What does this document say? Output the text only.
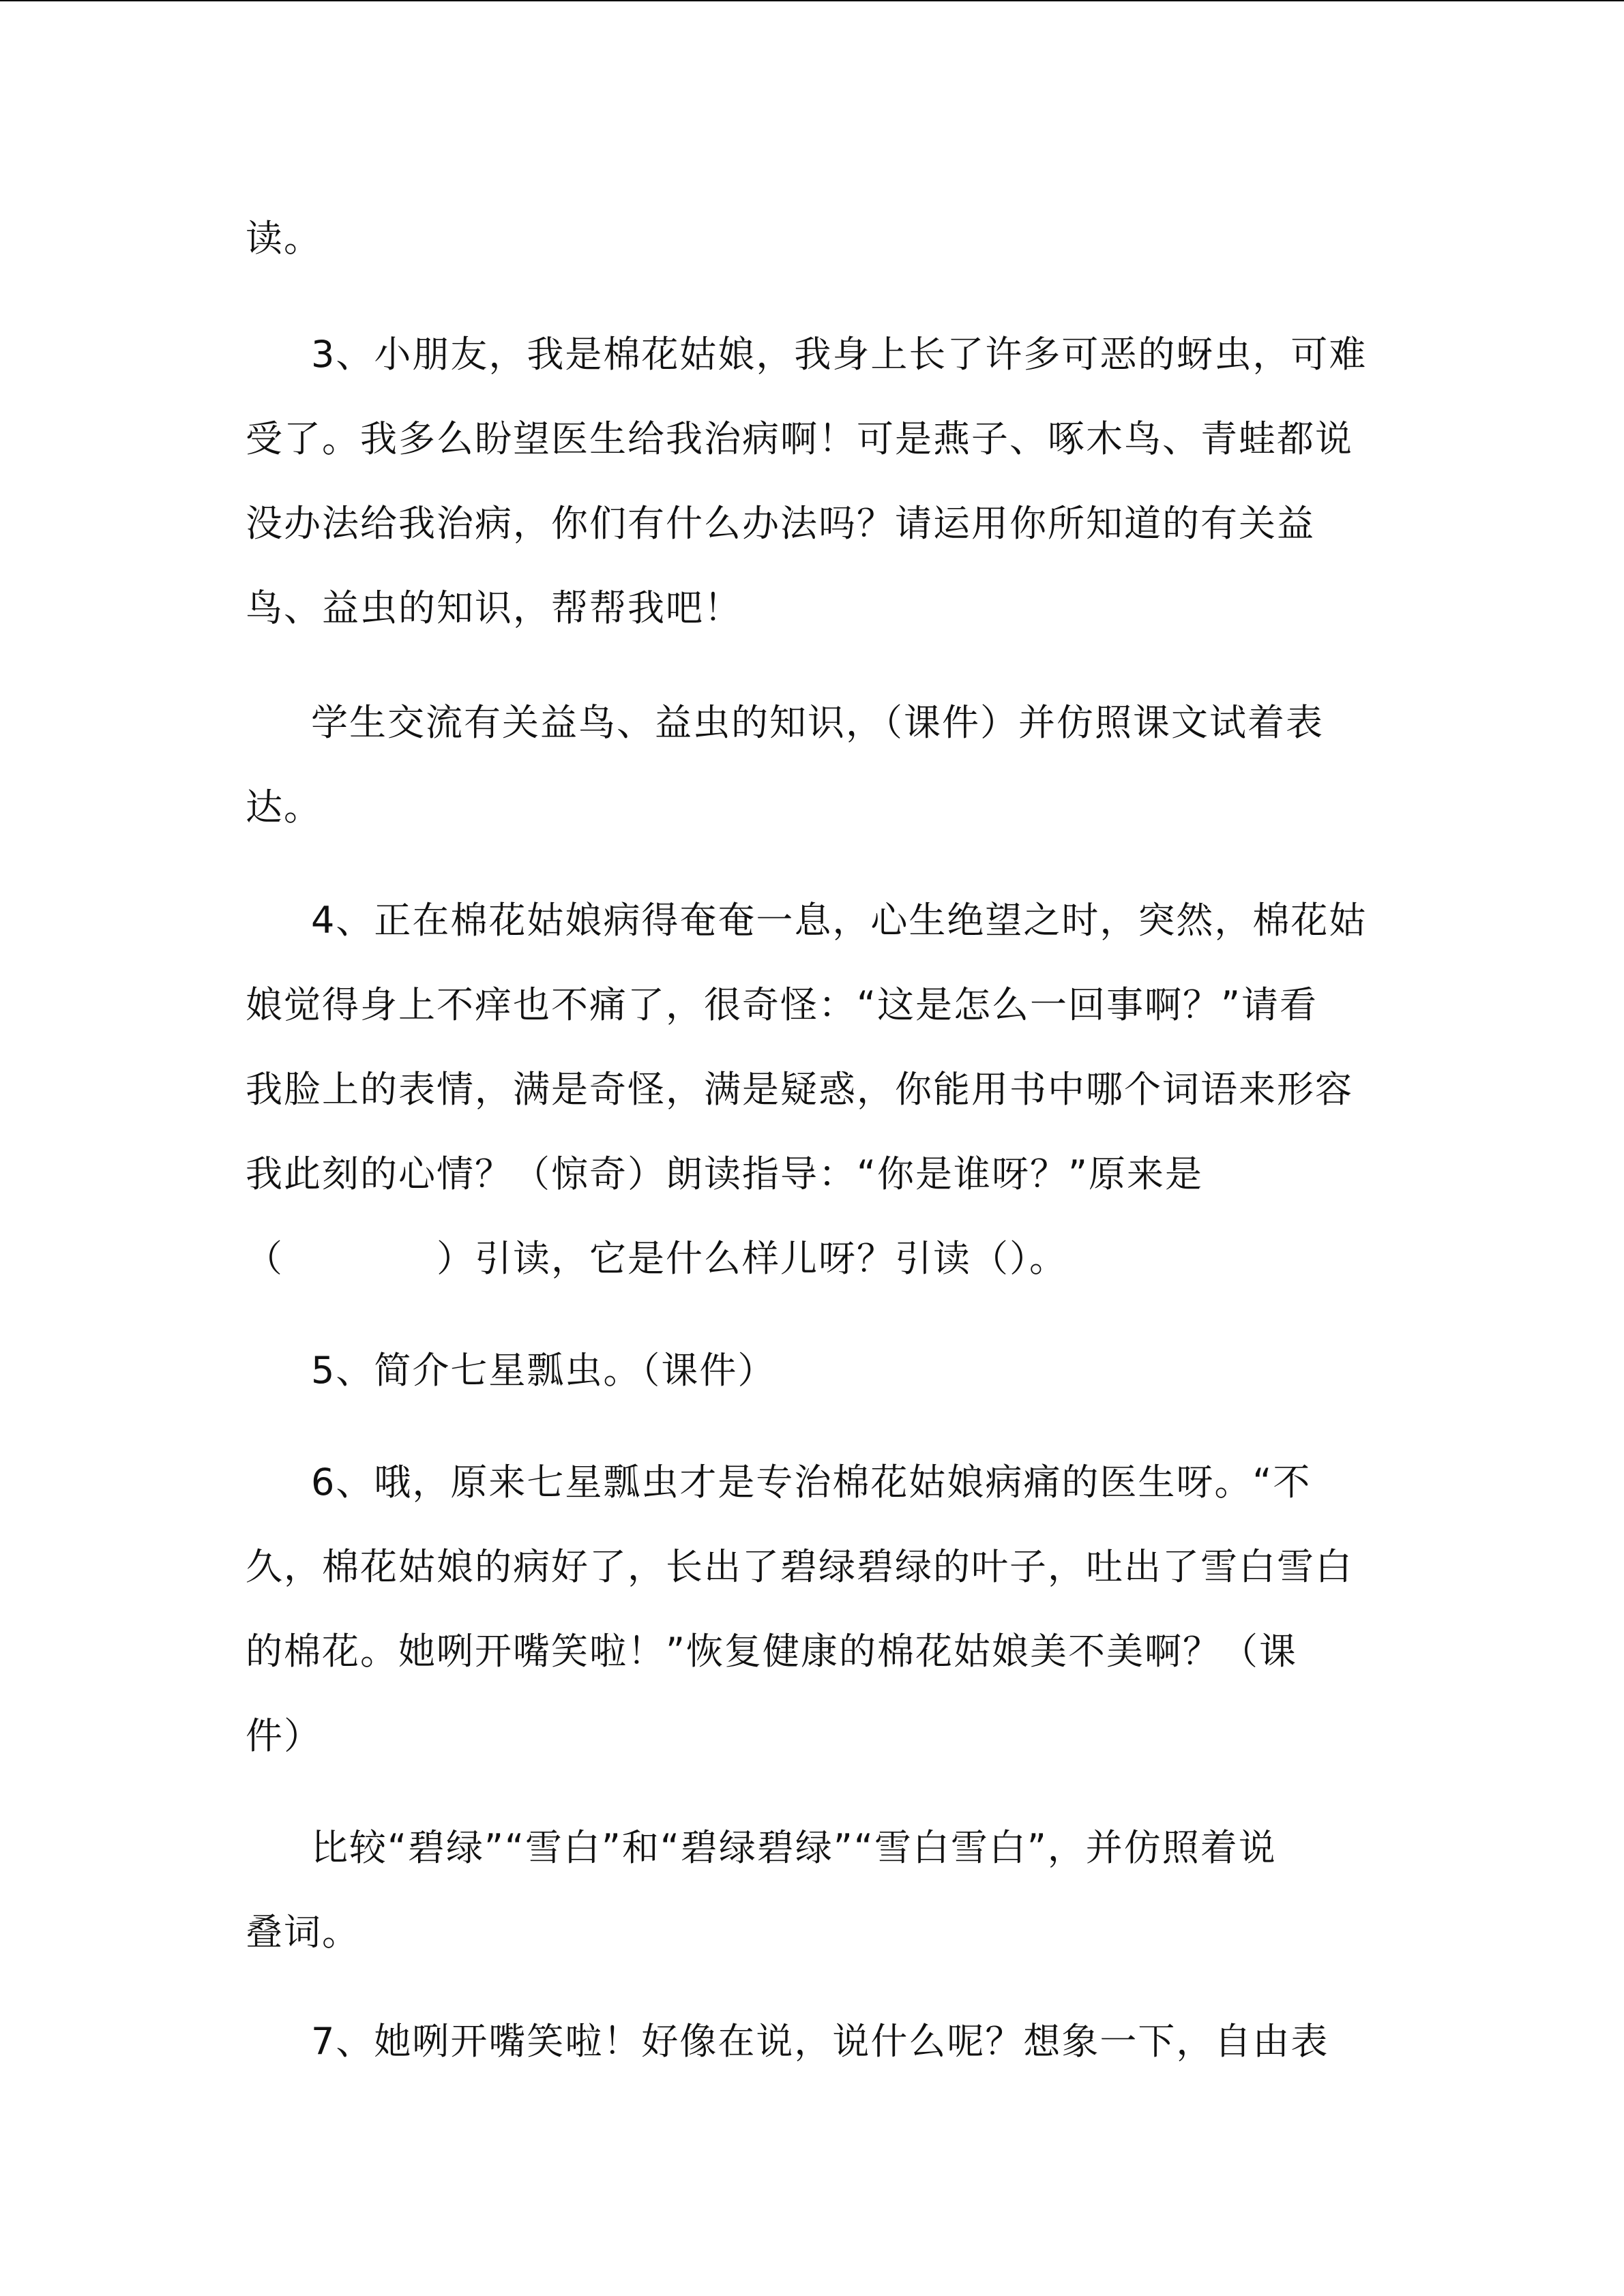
读。
3、小朋友，我是棉花姑娘，我身上长了许多可恶的蚜虫，可难
受了。我多么盼望医生给我治病啊！可是燕子、啄木鸟、青蛙都说
没办法给我治病，你们有什么办法吗？请运用你所知道的有关益
鸟、益虫的知识，帮帮我吧！
学生交流有关益鸟、益虫的知识，（课件）并仿照课文试着表
达。
4、正在棉花姑娘病得奄奄一息，心生绝望之时，突然，棉花姑
娘觉得身上不痒也不痛了，很奇怪：“这是怎么一回事啊？”请看
我脸上的表情，满是奇怪，满是疑惑，你能用书中哪个词语来形容
我此刻的心情？（惊奇）朗读指导：“你是谁呀？”原来是
（　　　　）引读，它是什么样儿呀？引读（）。
5、简介七星瓢虫。（课件）
6、哦，原来七星瓢虫才是专治棉花姑娘病痛的医生呀。“不
久，棉花姑娘的病好了，长出了碧绿碧绿的叶子，吐出了雪白雪白
的棉花。她咧开嘴笑啦！”恢复健康的棉花姑娘美不美啊？（课
件）
比较“碧绿”“雪白”和“碧绿碧绿”“雪白雪白”，并仿照着说
叠词。
7、她咧开嘴笑啦！好像在说，说什么呢？想象一下，自由表
